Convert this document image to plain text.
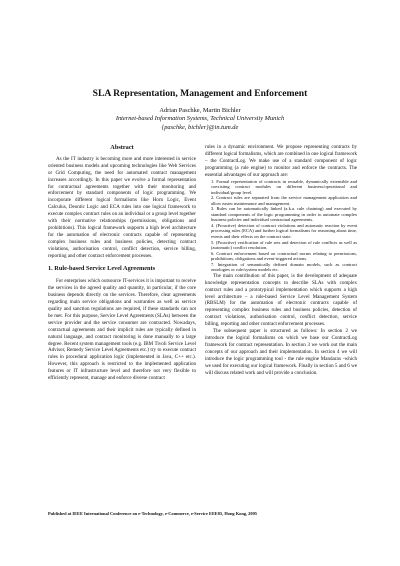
SLA Representation, Management and Enforcement
Adrian Paschke, Martin Bichler
Internet-based Information Systems, Technical University Munich
{paschke, bichler}@in.tum.de
Abstract

As the IT industry is becoming more and more interested in service oriented business models and upcoming technologies like Web Services or Grid Computing, the need for automated contract management increases accordingly. In this paper we evolve a formal representation for contractual agreements together with their monitoring and enforcement by standard components of logic programming. We incorporate different logical formalisms like Horn Logic, Event Calculus, Deontic Logic and ECA rules into one logical framework to execute complex contract rules on an individual or a group level together with their normative relationships (permissions, obligations and prohibitions). This logical framework supports a high level architecture for the automation of electronic contracts capable of representing complex business rules and business policies, detecting contract violations, authorisation control, conflict detection, service billing, reporting and other contract enforcement processes.

1. Rule-based Service Level Agreements

For enterprises which outsource IT-services it is important to receive the services in the agreed quality and quantity, in particular, if the core business depends directly on the services. Therefore, clear agreements regarding main service obligations and warranties as well as service quality and sanction regulations are required, if these standards can not be met. For this purpose, Service Level Agreements (SLAs) between the service provider and the service consumer are contracted. Nowadays, contractual agreements and their implicit rules are typically defined in natural language, and contract monitoring is done manually to a large degree. Recent system management tools (e.g. IBM Tivoli Service Level Advisor, Remedy Service Level Agreements etc.) try to execute contract rules in procedural application logic (implemented in Java, C++ etc.). However, this approach is restricted to the implemented application features or IT infrastructure level and therefore not very flexible to efficiently represent, manage and enforce diverse contract

rules in a dynamic environment. We propose representing contracts by different logical formalisms, which are combined in one logical framework – the ContractLog. We make use of a standard component of logic programming (a rule engine) to monitor and enforce the contracts. The essential advantages of our approach are:

1. Formal representation of contracts in reusable, dynamically extensible and coexisting contract modules on different business/operational and individual/group level.
2. Contract rules are separated from the service management application and allow easier maintenance and management.
3. Rules can be automatically linked (a.k.a. rule chaining) and executed by standard components of the logic programming in order to automate complex business policies and individual contractual agreements.
4. (Proactive) detection of contract violations and automatic reaction by event processing rules (ECA) and further logical formalisms for reasoning about time, events and their effects on the contract state.
5. (Proactive) verification of rule sets and detection of rule conflicts as well as (automatic) conflict resolution.
6. Contract enforcement based on contractual norms relating to permissions, prohibitions, obligations and event-triggered actions.
7. Integration of semantically defined domain models, such as contract ontologies or rule/system models etc.

The main contribution of this paper, is the development of adequate knowledge representation concepts to describe SLAs with complex contract rules and a prototypical implementation which supports a high level architecture – a rule-based Service Level Management System (RBSLM) for the automation of electronic contracts capable of representing complex business rules and business policies, detection of contract violations, authorisation control, conflict detection, service billing, reporting and other contract enforcement processes.

The subsequent paper is structured as follows: In section 2 we introduce the logical formalisms on which we base our ContractLog framework for contract representation. In section 3 we work out the main concepts of our approach and their implementation. In section 4 we will introduce the logic programming tool - the rule engine Mandarax -which we used for executing our logical framework. Finally in section 5 and 6 we will discuss related work and will provide a conclusion.

Published at IEEE International Conference on e-Technology, e-Commerce, e-Service EEE05, Hong Kong, 2005
